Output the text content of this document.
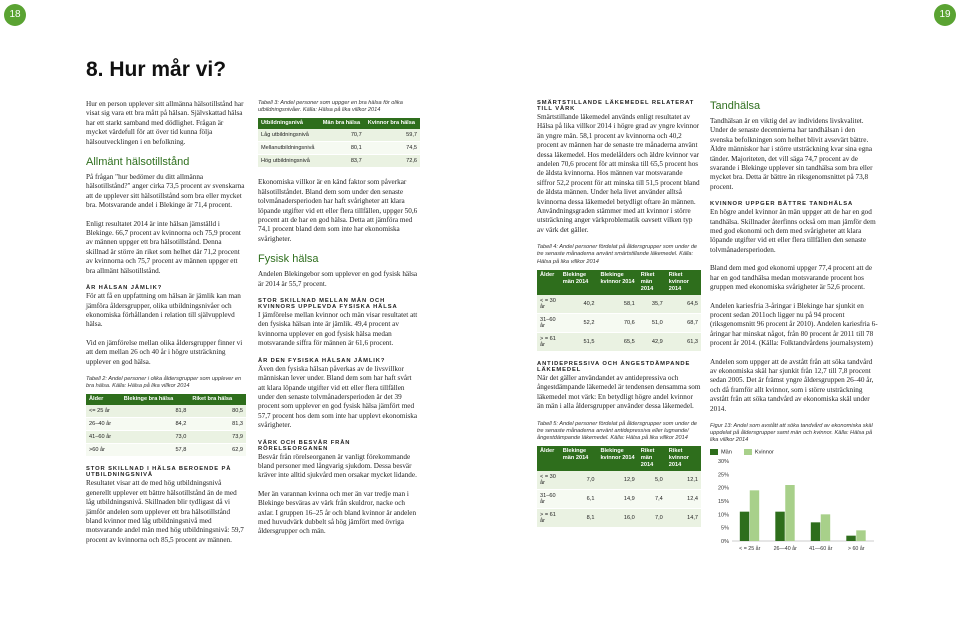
18	19
8. Hur mår vi?

Hur en person upplever sitt allmänna hälsotillstånd har visat sig vara ett bra mått på hälsan. Självskattad hälsa har ett starkt samband med dödlighet. Frågan är mycket värdefull för att över tid kunna följa hälsoutvecklingen i en befolkning.

Allmänt hälsotillstånd

På frågan "hur bedömer du ditt allmänna hälsotillstånd?" anger cirka 73,5 procent av svenskarna att de upplever sitt hälsotillstånd som bra eller mycket bra. Motsvarande andel i Blekinge är 71,4 procent.

Enligt resultatet 2014 är inte hälsan jämställd i Blekinge. 66,7 procent av kvinnorna och 75,9 procent av männen uppger ett bra hälsotillstånd. Denna skillnad är större än riket som helhet där 71,2 procent av kvinnorna och 75,7 procent av männen uppger ett bra allmänt hälsotillstånd.

ÄR HÄLSAN JÄMLIK?

För att få en uppfattning om hälsan är jämlik kan man jämföra åldersgrupper, olika utbildningsnivåer och ekonomiska förhållanden i relation till självupplevd hälsa.

Vid en jämförelse mellan olika åldersgrupper finner vi att dem mellan 26 och 40 år i högre utsträckning upplever en god hälsa.

Tabell 2: Andel personer i olika åldersgrupper som upplever en bra hälsa. Källa: Hälsa på lika villkor 2014
Ålder	Blekinge bra hälsa	Riket bra hälsa
<= 25 år	81,8	80,5
26–40 år	84,2	81,3
41–60 år	73,0	73,9
>60 år	57,8	62,9
STOR SKILLNAD I HÄLSA BEROENDE PÅ UTBILDNINGSNIVÅ

Resultatet visar att de med hög utbildningsnivå generellt upplever ett bättre hälsotillstånd än de med låg utbildningsnivå. Skillnaden blir tydligast då vi jämför andelen som upplever ett bra hälsotillstånd bland kvinnor med låg utbildningsnivå med motsvarande andel män med hög utbildningsnivå: 59,7 procent av kvinnorna och 85,5 procent av männen.

Tabell 3: Andel personer som uppger en bra hälsa för olika utbildningsnivåer. Källa: Hälsa på lika villkor 2014
Utbildningsnivå	Män bra hälsa	Kvinnor bra hälsa
Låg utbildningsnivå	70,7	59,7
Mellanutbildningsnivå	80,1	74,5
Hög utbildningsnivå	83,7	72,6

Ekonomiska villkor är en känd faktor som påverkar hälsotillståndet. Bland dem som under den senaste tolvmånadersperioden har haft svårigheter att klara löpande utgifter vid ett eller flera tillfällen, uppger 50,6 procent att de har en god hälsa. Detta att jämföra med 74,1 procent bland dem som inte har ekonomiska svårigheter.

Fysisk hälsa

Andelen Blekingebor som upplever en god fysisk hälsa är 2014 är 55,7 procent.

STOR SKILLNAD MELLAN MÄN OCH KVINNORS UPPLEVDA FYSISKA HÄLSA

I jämförelse mellan kvinnor och män visar resultatet att den fysiska hälsan inte är jämlik. 49,4 procent av kvinnorna upplever en god fysisk hälsa medan motsvarande siffra för männen är 61,6 procent.

ÄR DEN FYSISKA HÄLSAN JÄMLIK?

Även den fysiska hälsan påverkas av de livsvillkor människan lever under. Bland dem som har haft svårt att klara löpande utgifter vid ett eller flera tillfällen under den senaste tolvmånadersperioden är det 39 procent som upplever en god fysisk hälsa jämfört med 57,7 procent hos dem som inte har upplevt ekonomiska svårigheter.

VÄRK OCH BESVÄR FRÅN RÖRELSEORGANEN

Besvär från rörelseorganen är vanligt förekommande bland personer med långvarig sjukdom. Dessa besvär kräver inte alltid sjukvård men orsakar mycket lidande.

Mer än varannan kvinna och mer än var tredje man i Blekinge besväras av värk från skuldror, nacke och axlar. I gruppen 16–25 år och bland kvinnor är andelen med huvudvärk dubbelt så hög jämfört med övriga åldersgrupper och män.

SMÄRTSTILLANDE LÄKEMEDEL RELATERAT TILL VÄRK

Smärtstillande läkemedel används enligt resultatet av Hälsa på lika villkor 2014 i högre grad av yngre kvinnor än yngre män. 58,1 procent av kvinnorna och 40,2 procent av männen har de senaste tre månaderna använt dessa läkemedel. Hos medelålders och äldre kvinnor var andelen 70,6 procent för att minska till 65,5 procent hos de äldsta kvinnorna. Hos männen var motsvarande siffror 52,2 procent för att minska till 51,5 procent bland de äldsta männen. Under hela livet använder alltså kvinnorna dessa läkemedel betydligt oftare än männen. Användningsgraden stämmer med att kvinnor i större utsträckning anger värkproblematik oavsett vilken typ av värk det gäller.

Tabell 4: Andel personer fördelat på åldersgrupper som under de tre senaste månaderna använt smärtstillande läkemedel. Källa: Hälsa på lika villkor 2014
Ålder	Blekinge män 2014	Blekinge kvinnor 2014	Riket män 2014	Riket kvinnor 2014
< = 30 år	40,2	58,1	35,7	64,5
31–60 år	52,2	70,6	51,0	68,7
> = 61 år	51,5	65,5	42,9	61,3
ANTIDEPRESSIVA OCH ÅNGESTDÄMPANDE LÄKEMEDEL

När det gäller användandet av antidepressiva och ångestdämpande läkemedel är tendensen densamma som läkemedel mot värk: En betydligt högre andel kvinnor än män i alla åldersgrupper använder dessa läkemedel.

Tabell 5: Andel personer fördelat på åldersgrupper som under de tre senaste månaderna använt antidepressiva eller lugnande/ångestdämpande läkemedel. Källa: Hälsa på lika villkor 2014
Ålder	Blekinge män 2014	Blekinge kvinnor 2014	Riket män 2014	Riket kvinnor 2014
< = 30 år	7,0	12,9	5,0	12,1
31–60 år	6,1	14,9	7,4	12,4
> = 61 år	8,1	16,0	7,0	14,7
Tandhälsa

Tandhälsan är en viktig del av individens livskvalitet. Under de senaste decennierna har tandhälsan i den svenska befolkningen som helhet blivit avsevärt bättre. Äldre människor har i större utsträckning kvar sina egna tänder. Majoriteten, det vill säga 74,7 procent av de svarande i Blekinge upplever sin tandhälsa som bra eller mycket bra. Detta är bättre än riksgenomsnittet på 73,8 procent.

KVINNOR UPPGER BÄTTRE TANDHÄLSA

En högre andel kvinnor än män uppger att de har en god tandhälsa. Skillnader återfinns också om man jämför dem med god ekonomi och dem med svårigheter att klara löpande utgifter vid ett eller flera tillfällen den senaste tolvmånadersperioden.

Bland dem med god ekonomi uppger 77,4 procent att de har en god tandhälsa medan motsvarande procent hos gruppen med ekonomiska svårigheter är 52,6 procent.

Andelen kariesfria 3-åringar i Blekinge har sjunkit en procent sedan 2011och ligger nu på 94 procent (riksgenomsnitt 96 procent år 2010). Andelen kariesfria 6-åringar har minskat något, från 80 procent år 2011 till 78 procent år 2014. (Källa: Folktandvårdens journalsystem)

Andelen som uppger att de avstått från att söka tandvård av ekonomiska skäl har sjunkit från 12,7 till 7,8 procent sedan 2005. Det är främst yngre åldersgruppen 26–40 år, och då framför allt kvinnor, som i större utsträckning avstått från att söka tandvård av ekonomiska skäl under 2014.

Figur 13: Andel som avstått att söka tandvård av ekonomiska skäl uppdelat på åldersgrupper samt män och kvinnor. Källa: Hälsa på lika villkor 2014
Män	Kvinnor
0%
5%
10%
15%
20%
25%
30%
< = 25 år	26—40 år 41—60 år	> 60 år
